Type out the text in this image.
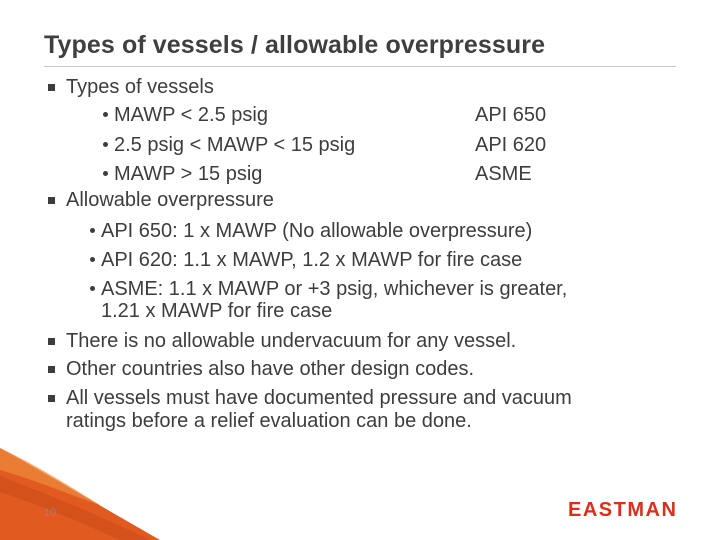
Types of vessels / allowable overpressure
Types of vessels
MAWP < 2.5 psig	API 650
2.5 psig < MAWP < 15 psig	API 620
MAWP > 15 psig	ASME
Allowable overpressure
API 650: 1 x MAWP (No allowable overpressure)
API 620: 1.1 x MAWP, 1.2 x MAWP for fire case
ASME: 1.1 x MAWP or +3 psig, whichever is greater,
1.21 x MAWP for fire case
There is no allowable undervacuum for any vessel.
Other countries also have other design codes.
All vessels must have documented pressure and vacuum
ratings before a relief evaluation can be done.
10	EASTMAN
